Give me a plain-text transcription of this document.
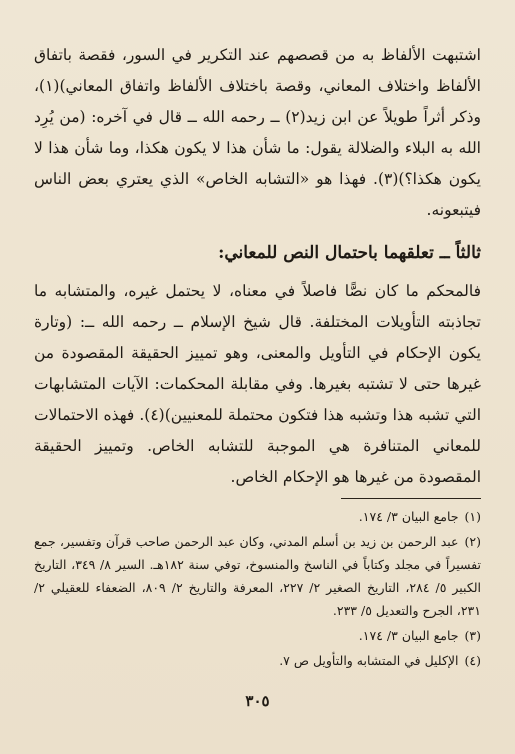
اشتبهت الألفاظ به من قصصهم عند التكرير في السور، فقصة باتفاق الألفاظ واختلاف المعاني، وقصة باختلاف الألفاظ واتفاق المعاني)(١)، وذكر أثراً طويلاً عن ابن زيد(٢) ــ رحمه الله ــ قال في آخره: (من يُرِد الله به البلاء والضلالة يقول: ما شأن هذا لا يكون هكذا، وما شأن هذا لا يكون هكذا؟)(٣). فهذا هو «التشابه الخاص» الذي يعتري بعض الناس فيتبعونه.

ثالثاً ــ تعلقهما باحتمال النص للمعاني:

فالمحكم ما كان نصًّا فاصلاً في معناه، لا يحتمل غيره، والمتشابه ما تجاذبته التأويلات المختلفة. قال شيخ الإسلام ــ رحمه الله ــ: (وتارة يكون الإحكام في التأويل والمعنى، وهو تمييز الحقيقة المقصودة من غيرها حتى لا تشتبه بغيرها. وفي مقابلة المحكمات: الآيات المتشابهات التي تشبه هذا وتشبه هذا فتكون محتملة للمعنيين)(٤). فهذه الاحتمالات للمعاني المتنافرة هي الموجبة للتشابه الخاص. وتمييز الحقيقة المقصودة من غيرها هو الإحكام الخاص.

(١)جامع البيان ٣/ ١٧٤.
(٢)عبد الرحمن بن زيد بن أسلم المدني، وكان عبد الرحمن صاحب قرآن وتفسير، جمع تفسيراً في مجلد وكتاباً في الناسخ والمنسوخ، توفي سنة ١٨٢هـ. السير ٨/ ٣٤٩، التاريخ الكبير ٥/ ٢٨٤، التاريخ الصغير ٢/ ٢٢٧، المعرفة والتاريخ ٢/ ٨٠٩، الضعفاء للعقيلي ٢/ ٢٣١، الجرح والتعديل ٥/ ٢٣٣.
(٣)جامع البيان ٣/ ١٧٤.
(٤)الإكليل في المتشابه والتأويل ص ٧.
٣٠٥
